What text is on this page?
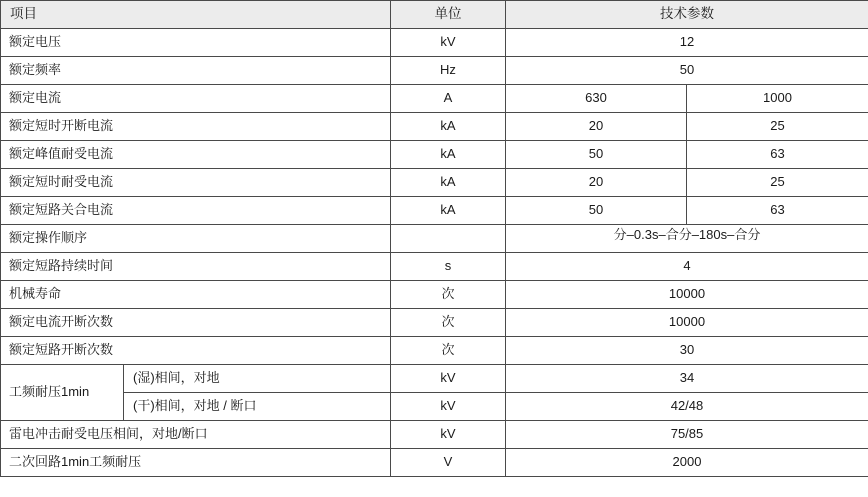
项目		单位	技术参数	
额定电压		kV	12	
额定频率		Hz	50	
额定电流		A	630	1000
额定短时开断电流		kA	20	25
额定峰值耐受电流		kA	50	63
额定短时耐受电流		kA	20	25
额定短路关合电流		kA	50	63
额定操作顺序			分–0.3s–合分–180s–合分	
额定短路持续时间		s	4	
机械寿命		次	10000	
额定电流开断次数		次	10000	
额定短路开断次数		次	30	
工频耐压1min	(湿)相间，对地	kV	34	
	(干)相间，对地 / 断口	kV	42/48	
雷电冲击耐受电压相间，对地/断口		kV	75/85	
二次回路1min工频耐压		V	2000	
